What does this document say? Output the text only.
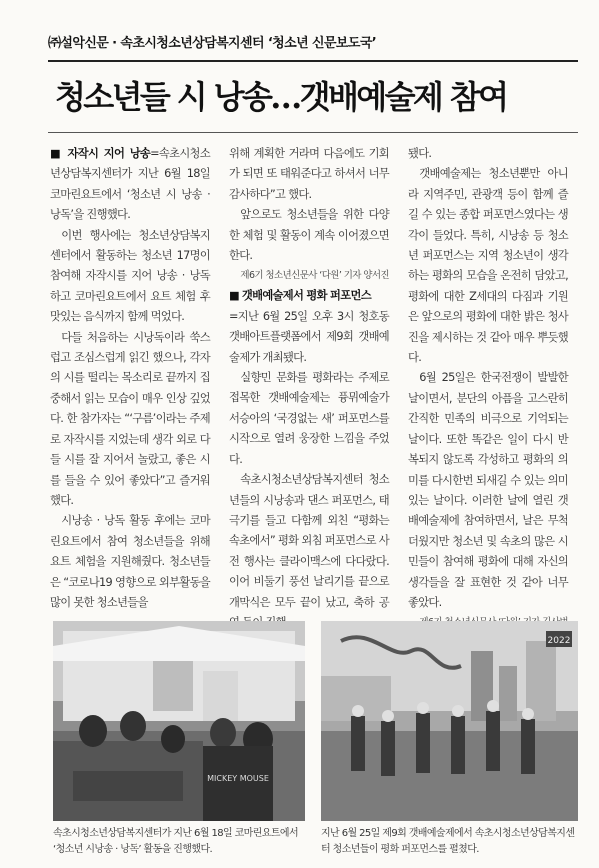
㈜설악신문 · 속초시청소년상담복지센터 ‘청소년 신문보도국’
청소년들 시 낭송…갯배예술제 참여

■ 자작시 지어 낭송=속초시청소년상담복지센터가 지난 6월 18일 코마린요트에서 ‘청소년 시 낭송 · 낭독’을 진행했다.

이번 행사에는 청소년상담복지센터에서 활동하는 청소년 17명이 참여해 자작시를 지어 낭송 · 낭독하고 코마린요트에서 요트 체험 후 맛있는 음식까지 함께 먹었다.

다들 처음하는 시낭독이라 쑥스럽고 조심스럽게 읽긴 했으나, 각자의 시를 떨리는 목소리로 끝까지 집중해서 읽는 모습이 매우 인상 깊었다. 한 참가자는 “‘구름’이라는 주제로 자작시를 지었는데 생각 외로 다들 시를 잘 지어서 놀랐고, 좋은 시를 들을 수 있어 좋았다”고 즐거워했다.

시낭송 · 낭독 활동 후에는 코마린요트에서 참여 청소년들을 위해 요트 체험을 지원해줬다. 청소년들은 “코로나19 영향으로 외부활동을 많이 못한 청소년들을

위해 계획한 거라며 다음에도 기회가 되면 또 태워준다고 하셔서 너무 감사하다”고 했다.

앞으로도 청소년들을 위한 다양한 체험 및 활동이 계속 이어졌으면 한다.

제6기 청소년신문사 ‘다원’ 기자 양서진

■ 갯배예술제서 평화 퍼포먼스

=지난 6월 25일 오후 3시 청호동 갯배아트플랫폼에서 제9회 갯배예술제가 개최됐다.

실향민 문화를 평화라는 주제로 접목한 갯배예술제는 퓽뮈예술가 서승아의 ‘국경없는 새’ 퍼포먼스를 시작으로 열려 웅장한 느낌을 주었다.

속초시청소년상담복지센터 청소년들의 시낭송과 댄스 퍼포먼스, 태극기를 들고 다함께 외친 “평화는 속초에서” 평화 외침 퍼포먼스로 사전 행사는 클라이맥스에 다다랐다. 이어 비둘기 풍선 날리기를 끝으로 개막식은 모두 끝이 났고, 축하 공

됐다.

갯배예술제는 청소년뿐만 아니라 지역주민, 관광객 등이 함께 즐길 수 있는 종합 퍼포먼스였다는 생각이 들었다. 특히, 시낭송 등 청소년 퍼포먼스는 지역 청소년이 생각하는 평화의 모습을 온전히 담았고, 평화에 대한 Z세대의 다짐과 기원은 앞으로의 평화에 대한 밝은 청사진을 제시하는 것 같아 매우 뿌듯했다.

6월 25일은 한국전쟁이 발발한 날이면서, 분단의 아픔을 고스란히 간직한 민족의 비극으로 기억되는 날이다. 또한 똑같은 일이 다시 반복되지 않도록 각성하고 평화의 의미를 다시한번 되새길 수 있는 의미 있는 날이다. 이러한 날에 열린 갯배예술제에 참여하면서, 날은 무척 더웠지만 청소년 및 속초의 많은 시민들이 참여해 평화에 대해 자신의 생각들을 잘 표현한 것 같아 너무 좋았다.

MICKEY MOUSE
속초시청소년상담복지센터가 지난 6월 18일 코마린요트에서 ‘청소년 시낭송 · 낭독’ 활동을 진행했다.
2022
지난 6월 25일 제9회 갯배예술제에서 속초시청소년상담복지센터 청소년들이 평화 퍼포먼스를 펼쳤다.
